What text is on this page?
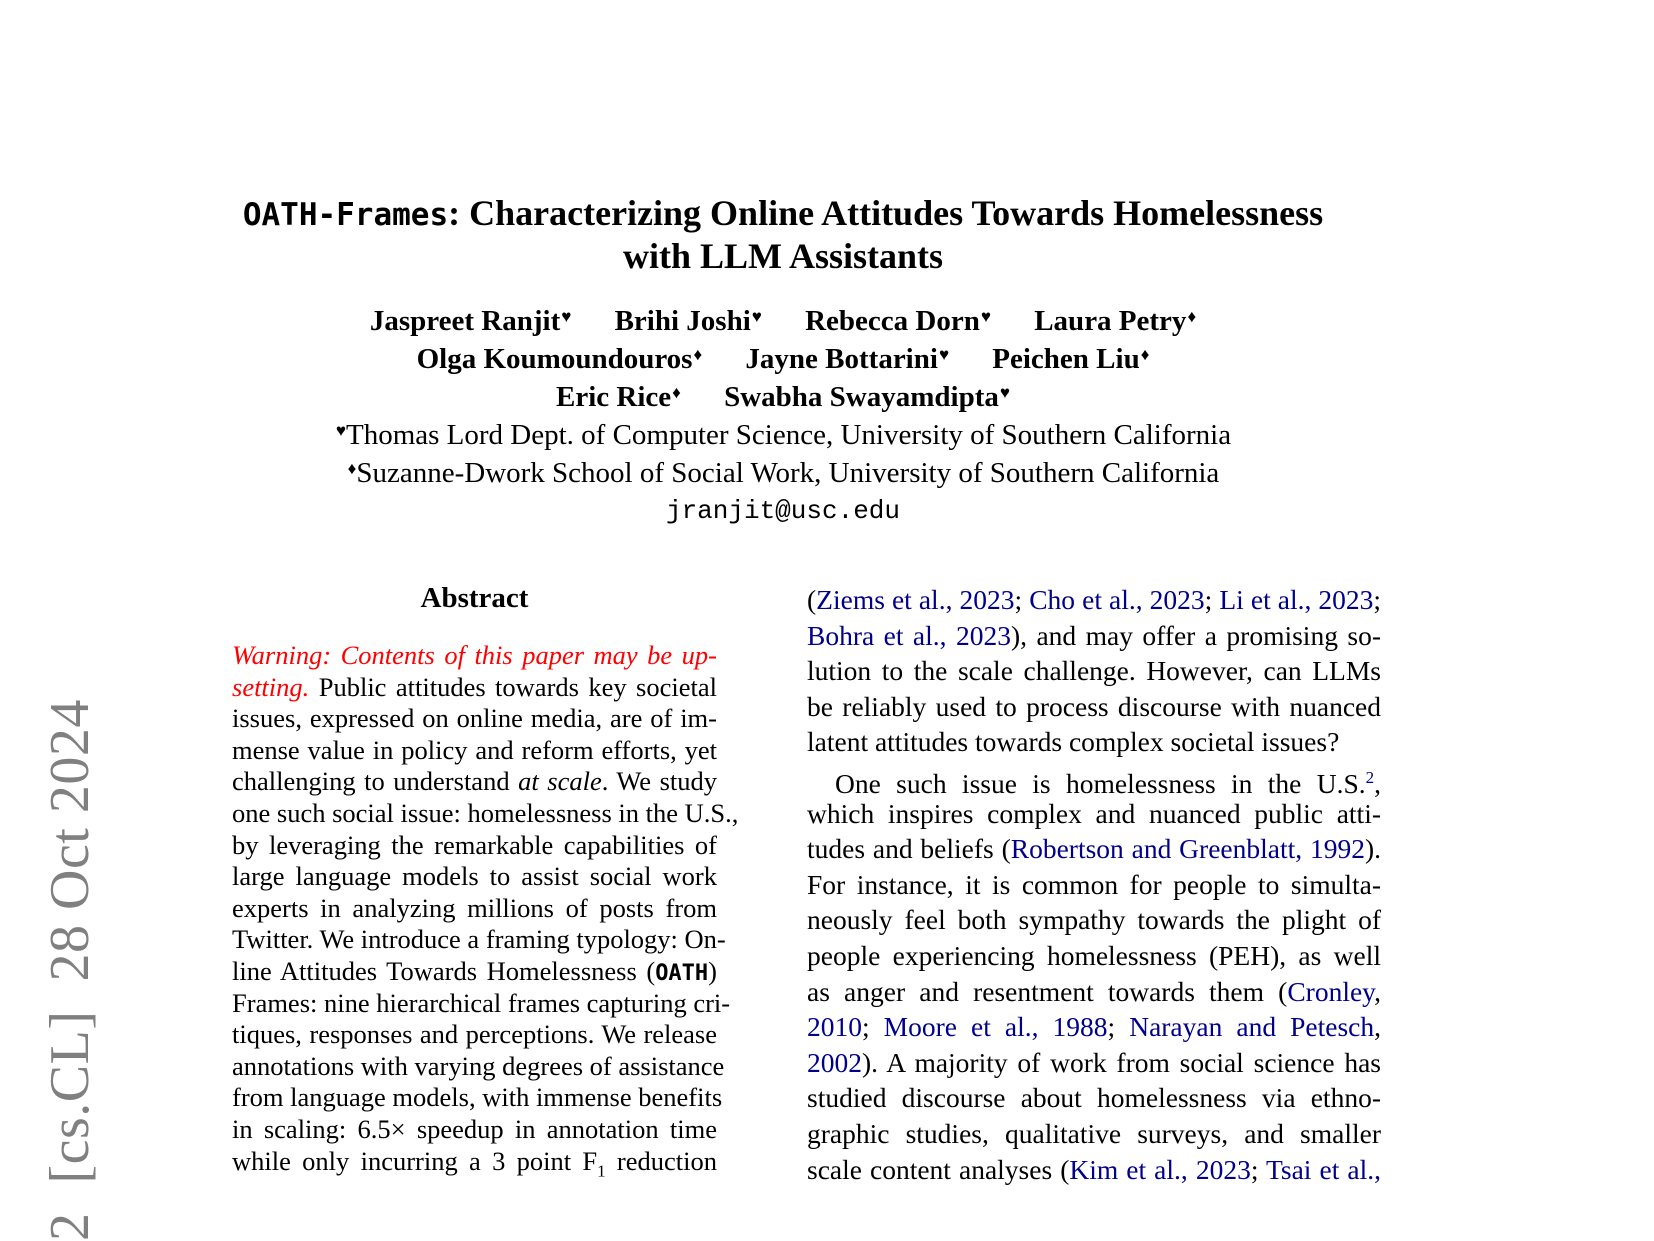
2  [cs.CL]  28 Oct 2024
OATH-Frames: Characterizing Online Attitudes Towards Homelessness
with LLM Assistants
Jaspreet Ranjit♥ Brihi Joshi♥ Rebecca Dorn♥ Laura Petry♦
Olga Koumoundouros♦ Jayne Bottarini♥ Peichen Liu♦
Eric Rice♦ Swabha Swayamdipta♥
♥Thomas Lord Dept. of Computer Science, University of Southern California
♦Suzanne-Dwork School of Social Work, University of Southern California
jranjit@usc.edu
Abstract
Warning: Contents of this paper may be up-
setting. Public attitudes towards key societal
issues, expressed on online media, are of im-
mense value in policy and reform efforts, yet
challenging to understand at scale. We study
one such social issue: homelessness in the U.S.,
by leveraging the remarkable capabilities of
large language models to assist social work
experts in analyzing millions of posts from
Twitter. We introduce a framing typology: On-
line Attitudes Towards Homelessness (OATH)
Frames: nine hierarchical frames capturing cri-
tiques, responses and perceptions. We release
annotations with varying degrees of assistance
from language models, with immense benefits
in scaling: 6.5× speedup in annotation time
while only incurring a 3 point $F_1$ reduction
(Ziems et al., 2023; Cho et al., 2023; Li et al., 2023;
Bohra et al., 2023), and may offer a promising so-
lution to the scale challenge. However, can LLMs
be reliably used to process discourse with nuanced
latent attitudes towards complex societal issues?
One such issue is homelessness in the U.S.$^2$,
which inspires complex and nuanced public atti-
tudes and beliefs (Robertson and Greenblatt, 1992).
For instance, it is common for people to simulta-
neously feel both sympathy towards the plight of
people experiencing homelessness (PEH), as well
as anger and resentment towards them (Cronley,
2010; Moore et al., 1988; Narayan and Petesch,
2002). A majority of work from social science has
studied discourse about homelessness via ethno-
graphic studies, qualitative surveys, and smaller
scale content analyses (Kim et al., 2023; Tsai et al.,
